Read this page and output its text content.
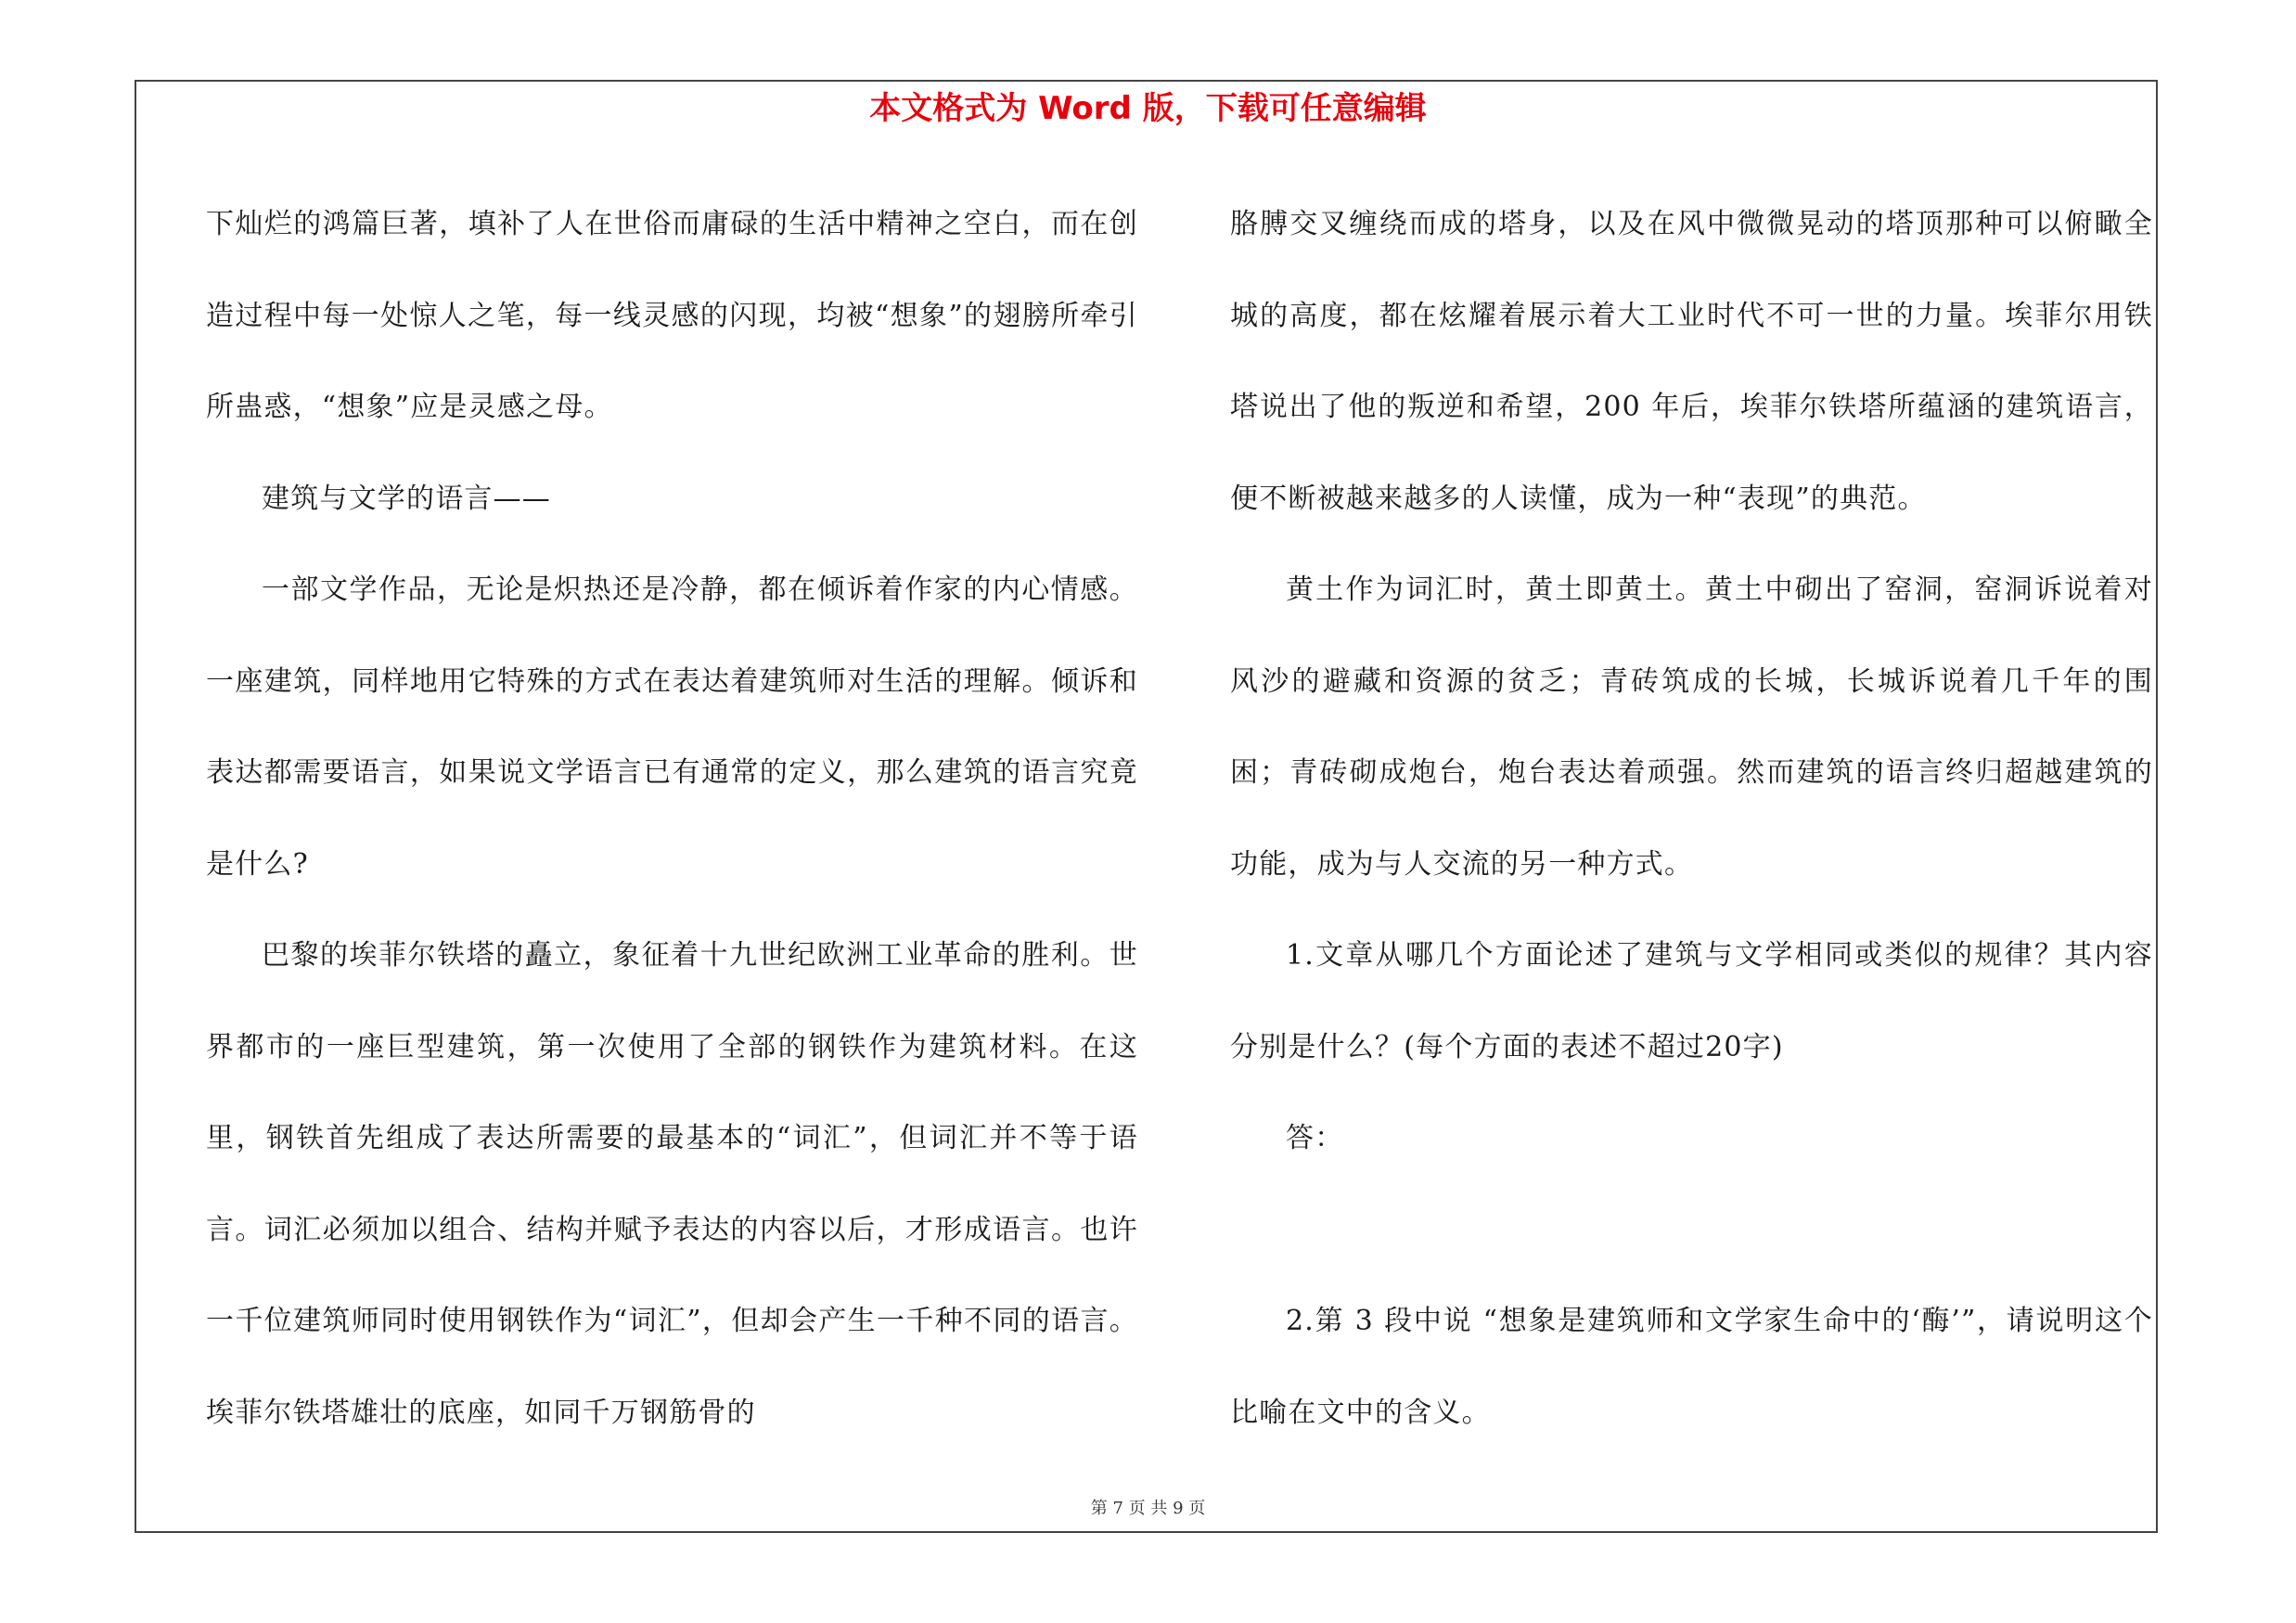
本文格式为 Word 版，下载可任意编辑

下灿烂的鸿篇巨著，填补了人在世俗而庸碌的生活中精神之空白，而在创造过程中每一处惊人之笔，每一线灵感的闪现，均被“想象”的翅膀所牵引所蛊惑，“想象”应是灵感之母。

建筑与文学的语言——

一部文学作品，无论是炽热还是冷静，都在倾诉着作家的内心情感。一座建筑，同样地用它特殊的方式在表达着建筑师对生活的理解。倾诉和表达都需要语言，如果说文学语言已有通常的定义，那么建筑的语言究竟是什么?

巴黎的埃菲尔铁塔的矗立，象征着十九世纪欧洲工业革命的胜利。世界都市的一座巨型建筑，第一次使用了全部的钢铁作为建筑材料。在这里，钢铁首先组成了表达所需要的最基本的“词汇”，但词汇并不等于语言。词汇必须加以组合、结构并赋予表达的内容以后，才形成语言。也许一千位建筑师同时使用钢铁作为“词汇”，但却会产生一千种不同的语言。埃菲尔铁塔雄壮的底座，如同千万钢筋骨的

胳膊交叉缠绕而成的塔身，以及在风中微微晃动的塔顶那种可以俯瞰全城的高度，都在炫耀着展示着大工业时代不可一世的力量。埃菲尔用铁塔说出了他的叛逆和希望，200 年后，埃菲尔铁塔所蕴涵的建筑语言，便不断被越来越多的人读懂，成为一种“表现”的典范。

黄土作为词汇时，黄土即黄土。黄土中砌出了窑洞，窑洞诉说着对风沙的避藏和资源的贫乏；青砖筑成的长城，长城诉说着几千年的围困；青砖砌成炮台，炮台表达着顽强。然而建筑的语言终归超越建筑的功能，成为与人交流的另一种方式。

1.文章从哪几个方面论述了建筑与文学相同或类似的规律？其内容分别是什么？(每个方面的表述不超过20字)

答：

2.第 3 段中说 “想象是建筑师和文学家生命中的‘酶’”，请说明这个比喻在文中的含义。

第 7 页 共 9 页
